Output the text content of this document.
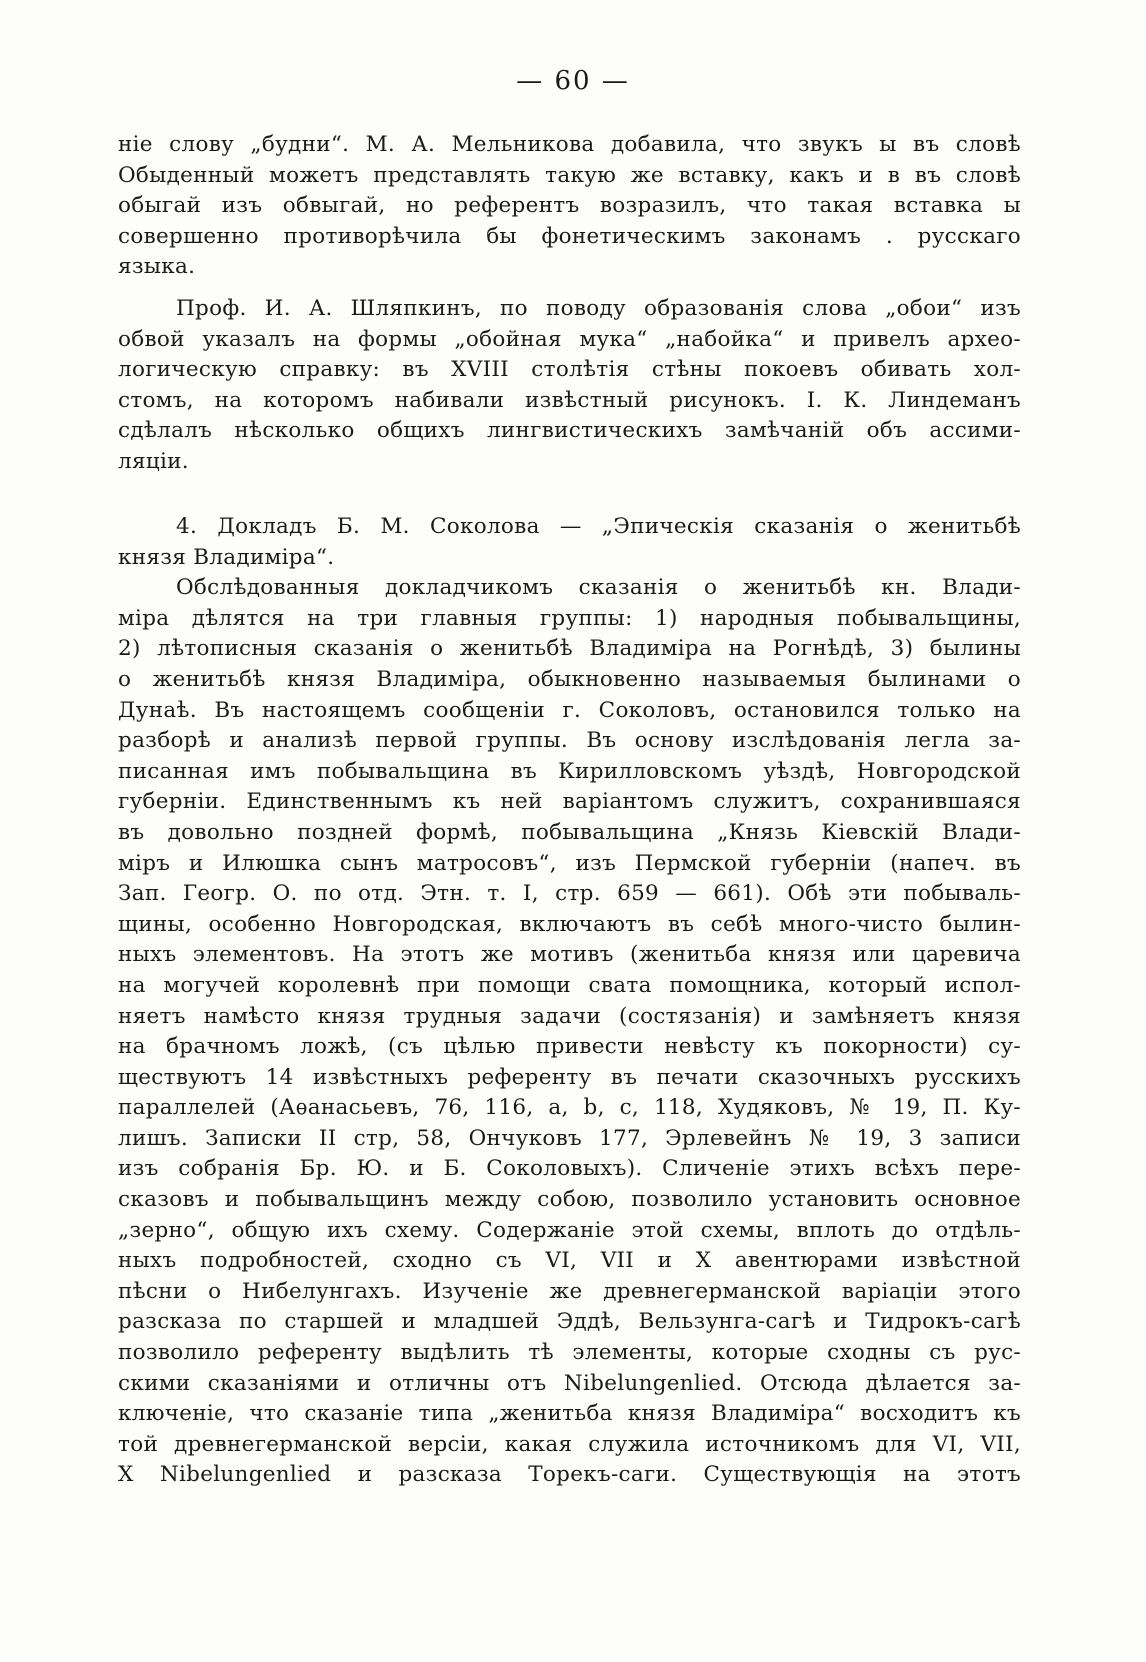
— 60 —
ніе слову „будни“. М. А. Мельникова добавила, что звукъ ы въ словѣ
Обыденный можетъ представлять такую же вставку, какъ и в въ словѣ
обыгай изъ обвыгай, но референтъ возразилъ, что такая вставка ы
совершенно противорѣчила бы фонетическимъ законамъ . русскаго
языка.
Проф. И. А. Шляпкинъ, по поводу образованія слова „обои“ изъ
обвой указалъ на формы „обойная мука“ „набойка“ и привелъ архео-
логическую справку: въ XVIII столѣтія стѣны покоевъ обивать хол-
стомъ, на которомъ набивали извѣстный рисунокъ. І. К. Линдеманъ
сдѣлалъ нѣсколько общихъ лингвистическихъ замѣчаній объ ассими-
ляціи.
4. Докладъ Б. М. Соколова — „Эпическія сказанія о женитьбѣ
князя Владиміра“.
Обслѣдованныя докладчикомъ сказанія о женитьбѣ кн. Влади-
міра дѣлятся на три главныя группы: 1) народныя побывальщины,
2) лѣтописныя сказанія о женитьбѣ Владиміра на Рогнѣдѣ, 3) былины
о женитьбѣ князя Владиміра, обыкновенно называемыя былинами о
Дунаѣ. Въ настоящемъ сообщеніи г. Соколовъ, остановился только на
разборѣ и анализѣ первой группы. Въ основу изслѣдованія легла за-
писанная имъ побывальщина въ Кирилловскомъ уѣздѣ, Новгородской
губерніи. Единственнымъ къ ней варіантомъ служитъ, сохранившаяся
въ довольно поздней формѣ, побывальщина „Князь Кіевскій Влади-
міръ и Илюшка сынъ матросовъ“, изъ Пермской губерніи (напеч. въ
Зап. Геогр. О. по отд. Этн. т. I, стр. 659 — 661). Обѣ эти побываль-
щины, особенно Новгородская, включаютъ въ себѣ много-чисто былин-
ныхъ элементовъ. На этотъ же мотивъ (женитьба князя или царевича
на могучей королевнѣ при помощи свата помощника, который испол-
няетъ намѣсто князя трудныя задачи (состязанія) и замѣняетъ князя
на брачномъ ложѣ, (съ цѣлью привести невѣсту къ покорности) су-
ществуютъ 14 извѣстныхъ референту въ печати сказочныхъ русскихъ
параллелей (Аѳанасьевъ, 76, 116, а, b, с, 118, Худяковъ, № 19, П. Ку-
лишъ. Записки II стр, 58, Ончуковъ 177, Эрлевейнъ № 19, 3 записи
изъ собранія Бр. Ю. и Б. Соколовыхъ). Сличеніе этихъ всѣхъ пере-
сказовъ и побывальщинъ между собою, позволило установить основное
„зерно“, общую ихъ схему. Содержаніе этой схемы, вплоть до отдѣль-
ныхъ подробностей, сходно съ VI, VII и X авентюрами извѣстной
пѣсни о Нибелунгахъ. Изученіе же древнегерманской варіаціи этого
разсказа по старшей и младшей Эддѣ, Вельзунга-сагѣ и Тидрокъ-сагѣ
позволило референту выдѣлить тѣ элементы, которые сходны съ рус-
скими сказаніями и отличны отъ Nibelungenlied. Отсюда дѣлается за-
ключеніе, что сказаніе типа „женитьба князя Владиміра“ восходитъ къ
той древнегерманской версіи, какая служила источникомъ для VI, VII,
X Nibelungenlied и разсказа Торекъ-саги. Существующія на этотъ
